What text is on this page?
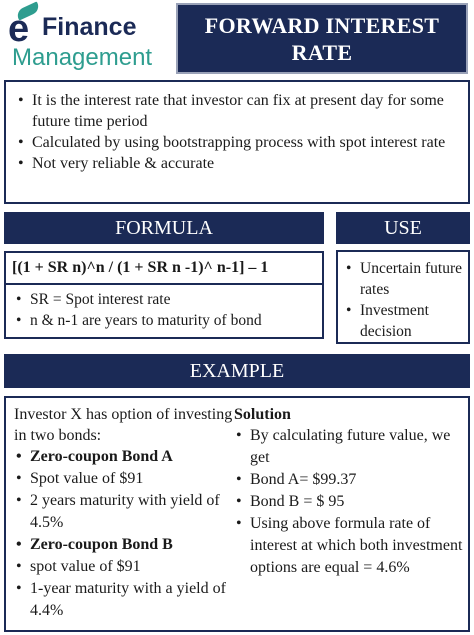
e Finance
Management
FORWARD INTEREST
RATE
• It is the interest rate that investor can fix at present day for some future time period
• Calculated by using bootstrapping process with spot interest rate
• Not very reliable & accurate
FORMULA	USE
• SR = Spot interest rate
• n & n-1 are years to maturity of bond
[(1 + SR n)^n / (1 + SR n -1)^ n-1] – 1
•	Uncertain future rates
• Investment decision
EXAMPLE

Investor X has option of investing in two bonds:

• Zero-coupon Bond A
• Spot value of $91
• 2 years maturity with yield of 4.5%
• Zero-coupon Bond B
• spot value of $91
• 1-year maturity with a yield of 4.4%

Solution

• By calculating future value, we get
• Bond A= $99.37
• Bond B = $ 95
• Using above formula rate of interest at which both investment options are equal = 4.6%
